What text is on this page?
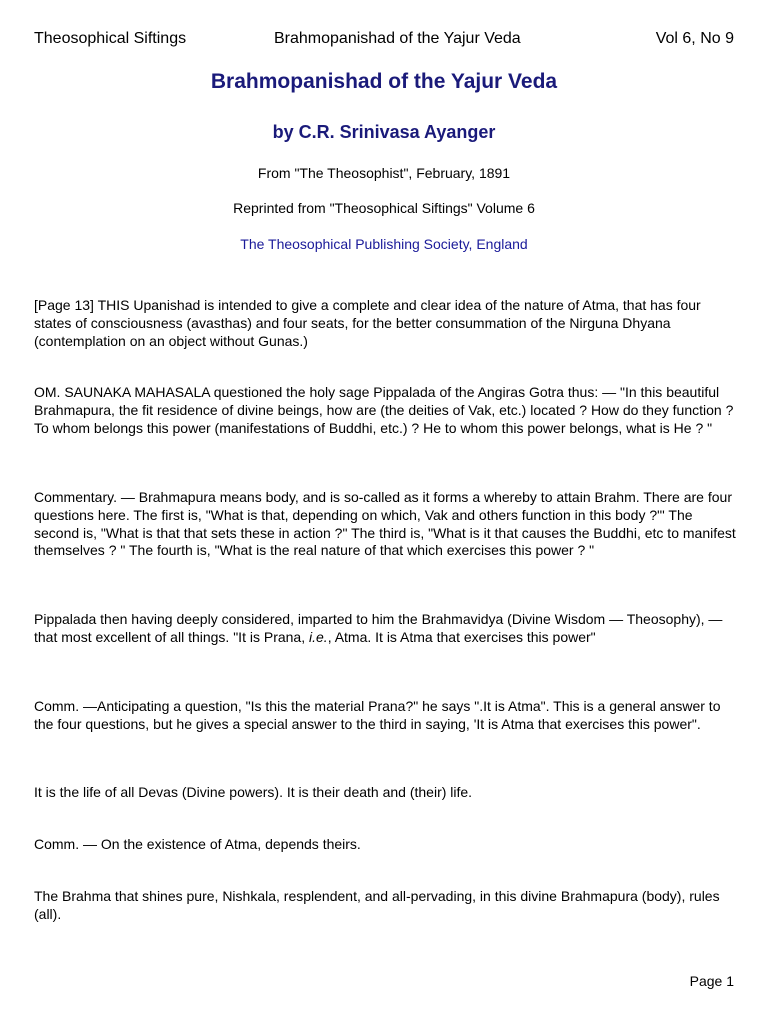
Theosophical Siftings	Brahmopanishad of the Yajur Veda	Vol 6, No 9
Brahmopanishad of the Yajur Veda
by C.R. Srinivasa Ayanger
From "The Theosophist", February, 1891
Reprinted from "Theosophical Siftings" Volume 6
The Theosophical Publishing Society, England

[Page 13] THIS Upanishad is intended to give a complete and clear idea of the nature of Atma, that has four states of consciousness (avasthas) and four seats, for the better consummation of the Nirguna Dhyana (contemplation on an object without Gunas.)

OM. SAUNAKA MAHASALA questioned the holy sage Pippalada of the Angiras Gotra thus: — "In this beautiful Brahmapura, the fit residence of divine beings, how are (the deities of Vak, etc.) located ? How do they function ? To whom belongs this power (manifestations of Buddhi, etc.) ? He to whom this power belongs, what is He ? "

Commentary. — Brahmapura means body, and is so-called as it forms a whereby to attain Brahm. There are four questions here. The first is, "What is that, depending on which, Vak and others function in this body ?"' The second is, "What is that that sets these in action ?" The third is, "What is it that causes the Buddhi, etc to manifest themselves ? " The fourth is, "What is the real nature of that which exercises this power ? "

Pippalada then having deeply considered, imparted to him the Brahmavidya (Divine Wisdom — Theosophy), — that most excellent of all things. "It is Prana, i.e., Atma. It is Atma that exercises this power"

Comm. —Anticipating a question, "Is this the material Prana?" he says ".It is Atma". This is a general answer to the four questions, but he gives a special answer to the third in saying, 'It is Atma that exercises this power".

It is the life of all Devas (Divine powers). It is their death and (their) life.

Comm. — On the existence of Atma, depends theirs.

The Brahma that shines pure, Nishkala, resplendent, and all-pervading, in this divine Brahmapura (body), rules (all).

Page 1
